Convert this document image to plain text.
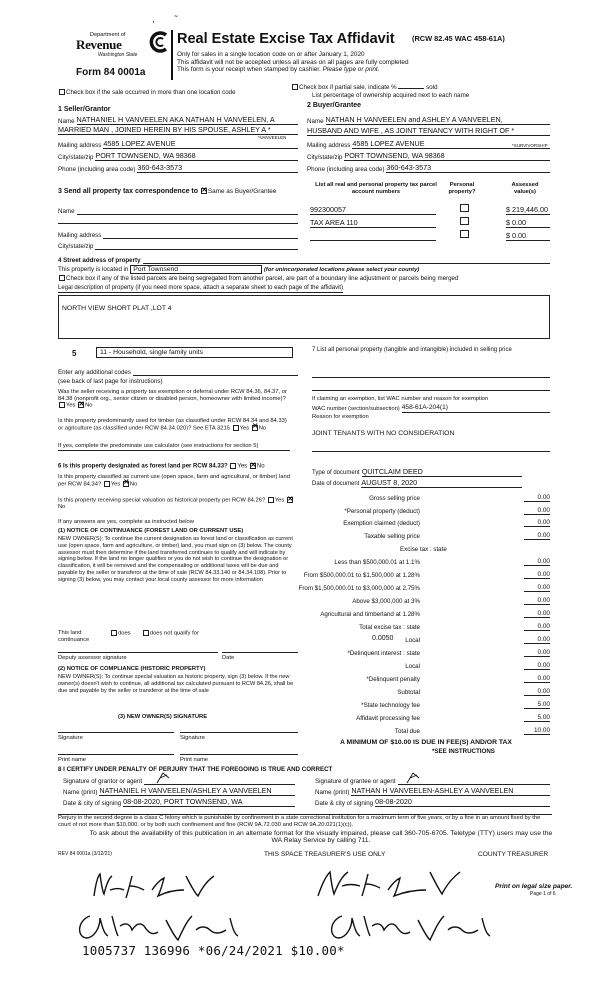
,        ˜
Department of
Revenue
Washington State
Form 84 0001a
Real Estate Excise Tax Affidavit (RCW 82.45 WAC 458-61A)
Only for sales in a single location code on or after January 1, 2020
This affidavit will not be accepted unless all areas on all pages are fully completed
This form is your receipt when stamped by cashier. Please type or print.
Check box if the sale occurred in more than one location code
Check box if partial sale, indicate %	sold
List percentage of ownership acquired next to each name
1 Seller/Grantor
Name NATHANIEL H VANVEELEN AKA NATHAN H VANVEELEN, A
MARRIED MAN , JOINED HEREIN BY HIS SPOUSE, ASHLEY A *
*VANVEELEN
Mailing address 4585 LOPEZ AVENUE
City/state/zip PORT TOWNSEND, WA 98368
Phone (including area code) 360-643-3573
2 Buyer/Grantee
Name NATHAN H VANVEELEN and ASHLEY A VANVEELEN,
HUSBAND AND WIFE , AS JOINT TENANCY WITH RIGHT OF *
Mailing address 4585 LOPEZ AVENUE	*SURVIVORSHIP
City/state/zip PORT TOWNSEND, WA 98368
Phone (including area code) 360-643-3573
3 Send all property tax correspondence to ✕ Same as Buyer/Grantee
Name
Mailing address
City/state/zip
List all real and personal property tax parcel account numbers
Personal property?
Assessed value(s)
992300057	$ 219,446.00
TAX AREA 110	$ 0.00
$ 0.00
4 Street address of property
This property is located in Port Townsend	(for unincorporated locations please select your county)
Check box if any of the listed parcels are being segregated from another parcel, are part of a boundary line adjustment or parcels being merged
Legal description of property (if you need more space, attach a separate sheet to each page of the affidavit)
NORTH VIEW SHORT PLAT ,LOT 4
5	11 - Household, single family units
Enter any additional codes
(see back of last page for instructions)
Was the seller receiving a property tax exemption or deferral under RCW 84.36, 84.37, or 84.38 (nonprofit org., senior citizen or disabled person, homeowner with limited income)? Yes ✕ No
Is this property predominantly used for timber (as classified under RCW 84.34 and 84.33) or agriculture (as classified under RCW 84.34.020)? See ETA 3215 Yes ✕ No
If yes, complete the predominate use calculator (see instructions for section 5)
6 Is this property designated as forest land per RCW 84.33? Yes ✕ No
Is this property classified as current use (open space, farm and agricultural, or timber) land per RCW 84.34? Yes ✕ No
Is this property receiving special valuation as historical property per RCW 84.26? Yes ✕No
If any answers are yes, complete as instructed below
(1) NOTICE OF CONTINUANCE (FOREST LAND OR CURRENT USE)
NEW OWNER(S): To continue the current designation as forest land or classification as current use (open space, farm and agriculture, or timber) land, you must sign on (3) below. The county assessor must then determine if the land transferred continues to qualify and will indicate by signing below. If the land no longer qualifies or you do not wish to continue the designation or classification, it will be removed and the compensating or additional taxes will be due and payable by the seller or transferor at the time of sale (RCW 84.33.140 or 84.34.108). Prior to signing (3) below, you may contact your local county assessor for more information
This land
continuance
does	does not qualify for
Deputy assessor signature	Date
(2) NOTICE OF COMPLIANCE (HISTORIC PROPERTY)
NEW OWNER(S): To continue special valuation as historic property, sign (3) below. If the new owner(s) doesn't wish to continue, all additional tax calculated pursuant to RCW 84.26, shall be due and payable by the seller or transferor at the time of sale
(3) NEW OWNER(S) SIGNATURE
Signature	Signature
Print name	Print name
7 List all personal property (tangible and intangible) included in selling price
If claiming an exemption, list WAC number and reason for exemption
WAC number (section/subsection) 458-61A-204(1)
Reason for exemption
JOINT TENANTS WITH NO CONSIDERATION
Type of document QUITCLAIM DEED
Date of document AUGUST 8, 2020
Gross selling price	0.00
*Personal property (deduct)	0.00
Exemption claimed (deduct)	0.00
Taxable selling price	0.00
Excise tax : state
Less than $500,000.01 at 1.1%	0.00
From $500,000.01 to $1,500,000 at 1.28%	0.00
From $1,500,000.01 to $3,000,000 at 2.75%	0.00
Above $3,000,000 at 3%	0.00
Agricultural and timberland at 1.28%	0.00
Total excise tax : state	0.00
0.0050 Local	0.00
*Delinquent interest : state	0.00
Local	0.00
*Delinquent penalty	0.00
Subtotal	0.00
*State technology fee	5.00
Affidavit processing fee	5.00
Total due	10.00
A MINIMUM OF $10.00 IS DUE IN FEE(S) AND/OR TAX
*SEE INSTRUCTIONS
8 I CERTIFY UNDER PENALTY OF PERJURY THAT THE FOREGOING IS TRUE AND CORRECT
Signature of grantor or agent
Name (print) NATHANIEL H VANVEELEN/ASHLEY A VANVEELEN
Date & city of signing 08-08-2020, PORT TOWNSEND, WA
Signature of grantee or agent
Name (print) NATHAN H VANVEELEN-ASHLEY A VANVEELEN
Date & city of signing 08-08-2020
Perjury in the second degree is a class C felony which is punishable by confinement in a state correctional institution for a maximum term of five years, or by a fine in an amount fixed by the court of not more than $10,000, or by both such confinement and fine (RCW 9A.72.030 and RCW 9A.20.021(1)(c)).
To ask about the availability of this publication in an alternate format for the visually impaired, please call 360-705-6705. Teletype (TTY) users may use the WA Relay Service by calling 711.
REV 84 0001a (3/12/21)	THIS SPACE TREASURER'S USE ONLY	COUNTY TREASURER
Print on legal size paper.
Page 1 of 6
1005737 136996 *06/24/2021 $10.00*
